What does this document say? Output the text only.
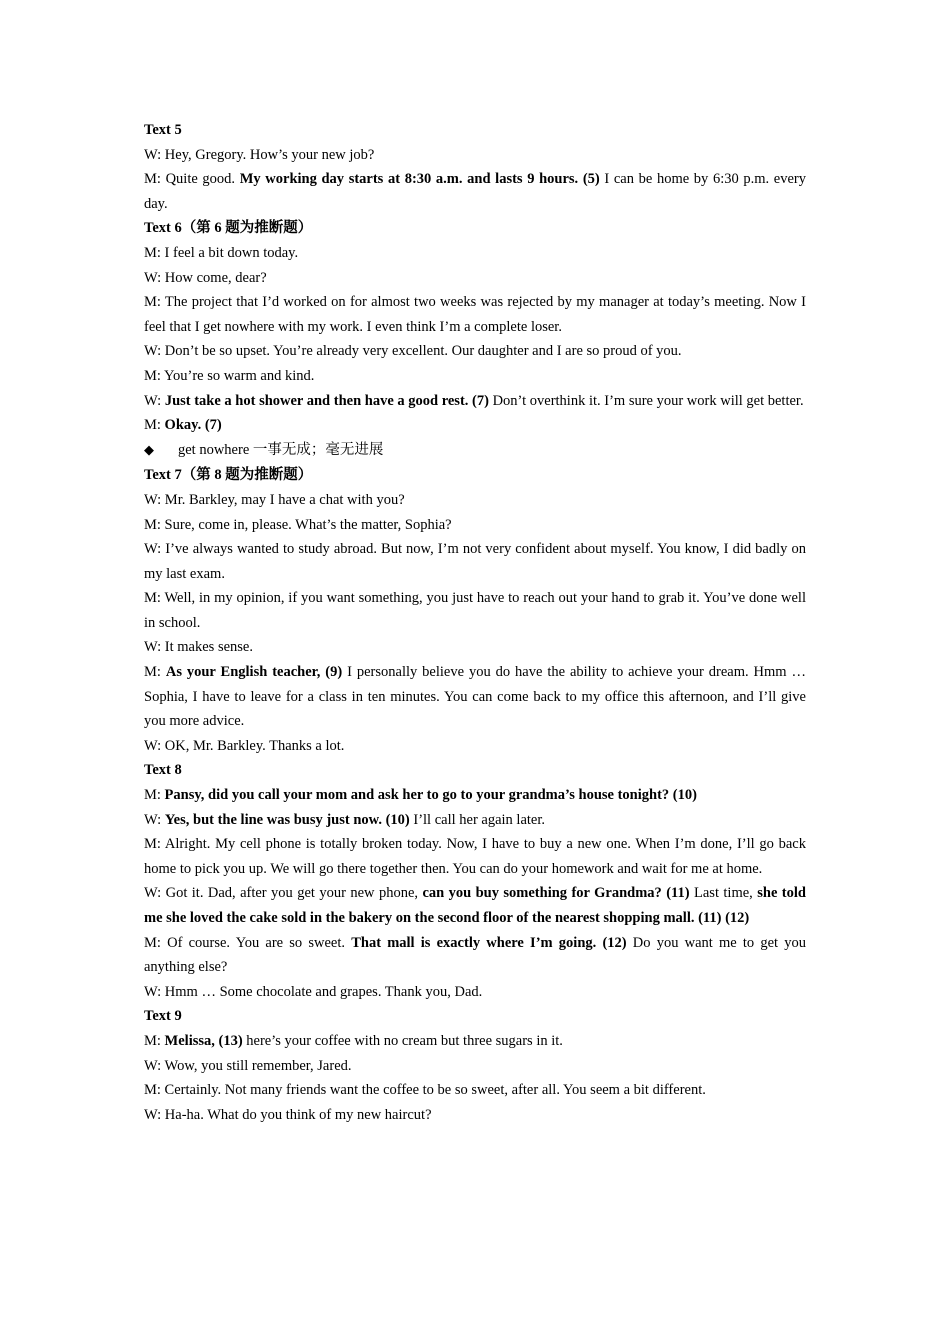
Text 5

W: Hey, Gregory. How’s your new job?

M: Quite good. My working day starts at 8:30 a.m. and lasts 9 hours. (5) I can be home by 6:30 p.m. every day.

Text 6（第 6 题为推断题）

M: I feel a bit down today.

W: How come, dear?

M: The project that I’d worked on for almost two weeks was rejected by my manager at today’s meeting. Now I feel that I get nowhere with my work. I even think I’m a complete loser.

W: Don’t be so upset. You’re already very excellent. Our daughter and I are so proud of you.

M: You’re so warm and kind.

W: Just take a hot shower and then have a good rest. (7) Don’t overthink it. I’m sure your work will get better.

M: Okay. (7)

◆	get nowhere 一事无成；毫无进展

Text 7（第 8 题为推断题）

W: Mr. Barkley, may I have a chat with you?

M: Sure, come in, please. What’s the matter, Sophia?

W: I’ve always wanted to study abroad. But now, I’m not very confident about myself. You know, I did badly on my last exam.

M: Well, in my opinion, if you want something, you just have to reach out your hand to grab it. You’ve done well in school.

W: It makes sense.

M: As your English teacher, (9) I personally believe you do have the ability to achieve your dream. Hmm … Sophia, I have to leave for a class in ten minutes. You can come back to my office this afternoon, and I’ll give you more advice.

W: OK, Mr. Barkley. Thanks a lot.

Text 8

M: Pansy, did you call your mom and ask her to go to your grandma’s house tonight? (10)

W: Yes, but the line was busy just now. (10) I’ll call her again later.

M: Alright. My cell phone is totally broken today. Now, I have to buy a new one. When I’m done, I’ll go back home to pick you up. We will go there together then. You can do your homework and wait for me at home.

W: Got it. Dad, after you get your new phone, can you buy something for Grandma? (11) Last time, she told me she loved the cake sold in the bakery on the second floor of the nearest shopping mall. (11) (12)

M: Of course. You are so sweet. That mall is exactly where I’m going. (12) Do you want me to get you anything else?

W: Hmm … Some chocolate and grapes. Thank you, Dad.

Text 9

M: Melissa, (13) here’s your coffee with no cream but three sugars in it.

W: Wow, you still remember, Jared.

M: Certainly. Not many friends want the coffee to be so sweet, after all. You seem a bit different.

W: Ha-ha. What do you think of my new haircut?
